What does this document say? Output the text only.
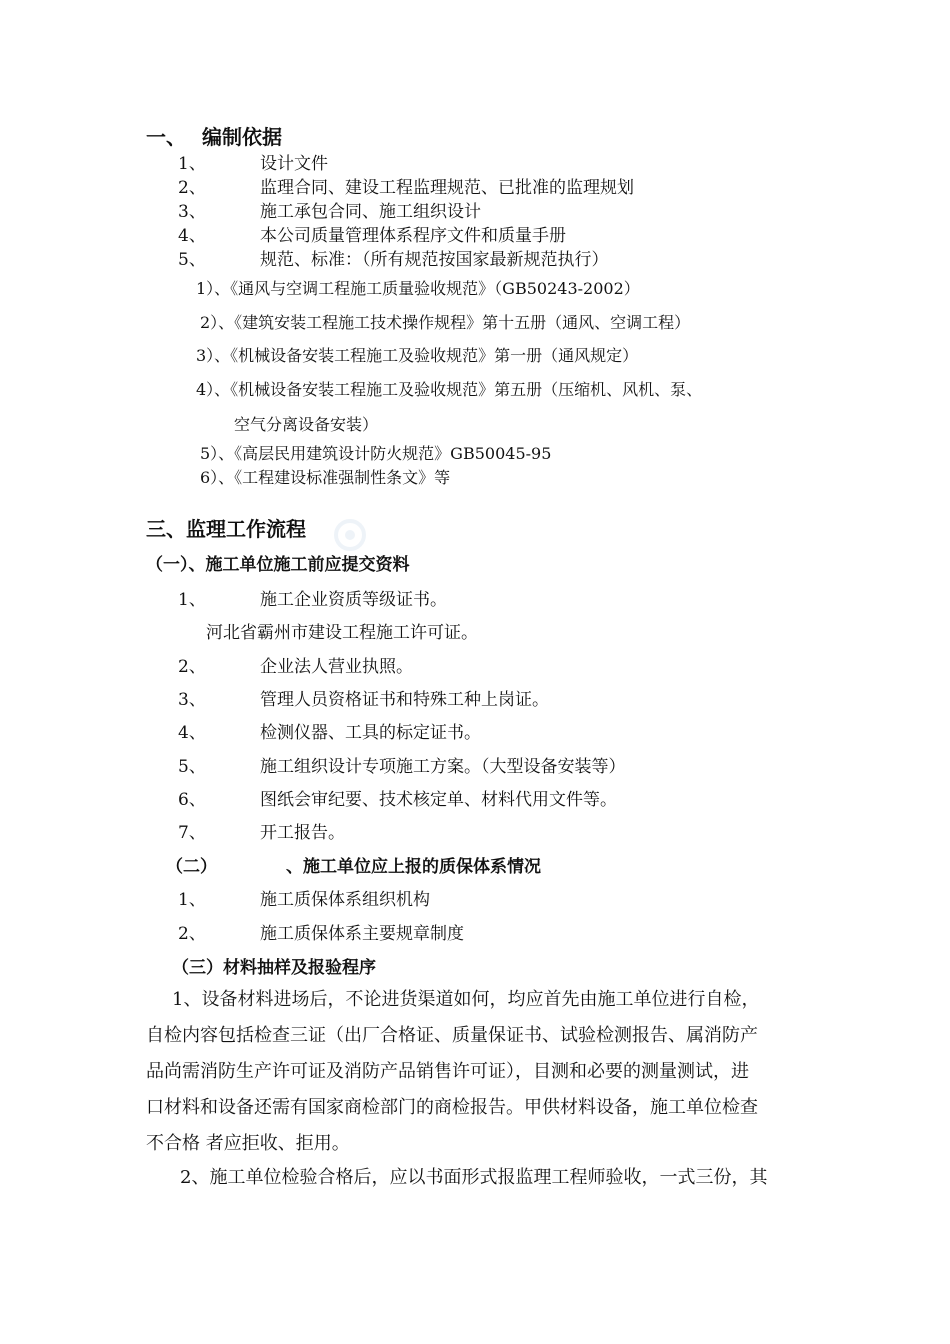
一、 编制依据
1、	设计文件
2、	监理合同、建设工程监理规范、已批准的监理规划
3、	施工承包合同、施工组织设计
4、	本公司质量管理体系程序文件和质量手册
5、	规范、标准：（所有规范按国家最新规范执行）
1）、《通风与空调工程施工质量验收规范》（GB50243-2002）
2）、《建筑安装工程施工技术操作规程》第十五册（通风、空调工程）
3）、《机械设备安装工程施工及验收规范》第一册（通风规定）
4）、《机械设备安装工程施工及验收规范》第五册（压缩机、风机、泵、
空气分离设备安装）
5）、《高层民用建筑设计防火规范》GB50045-95
6）、《工程建设标准强制性条文》等
三、监理工作流程
（一）、施工单位施工前应提交资料
1、	施工企业资质等级证书。
河北省霸州市建设工程施工许可证。
2、	企业法人营业执照。
3、	管理人员资格证书和特殊工种上岗证。
4、	检测仪器、工具的标定证书。
5、	施工组织设计专项施工方案。（大型设备安装等）
6、	图纸会审纪要、技术核定单、材料代用文件等。
7、	开工报告。
（二）	、施工单位应上报的质保体系情况
1、	施工质保体系组织机构
2、	施工质保体系主要规章制度
（三）材料抽样及报验程序
1、设备材料进场后，不论进货渠道如何，均应首先由施工单位进行自检，
自检内容包括检查三证（出厂合格证、质量保证书、试验检测报告、属消防产
品尚需消防生产许可证及消防产品销售许可证），目测和必要的测量测试，进
口材料和设备还需有国家商检部门的商检报告。甲供材料设备，施工单位检查
不合格 者应拒收、拒用。
2、施工单位检验合格后，应以书面形式报监理工程师验收，一式三份，其
